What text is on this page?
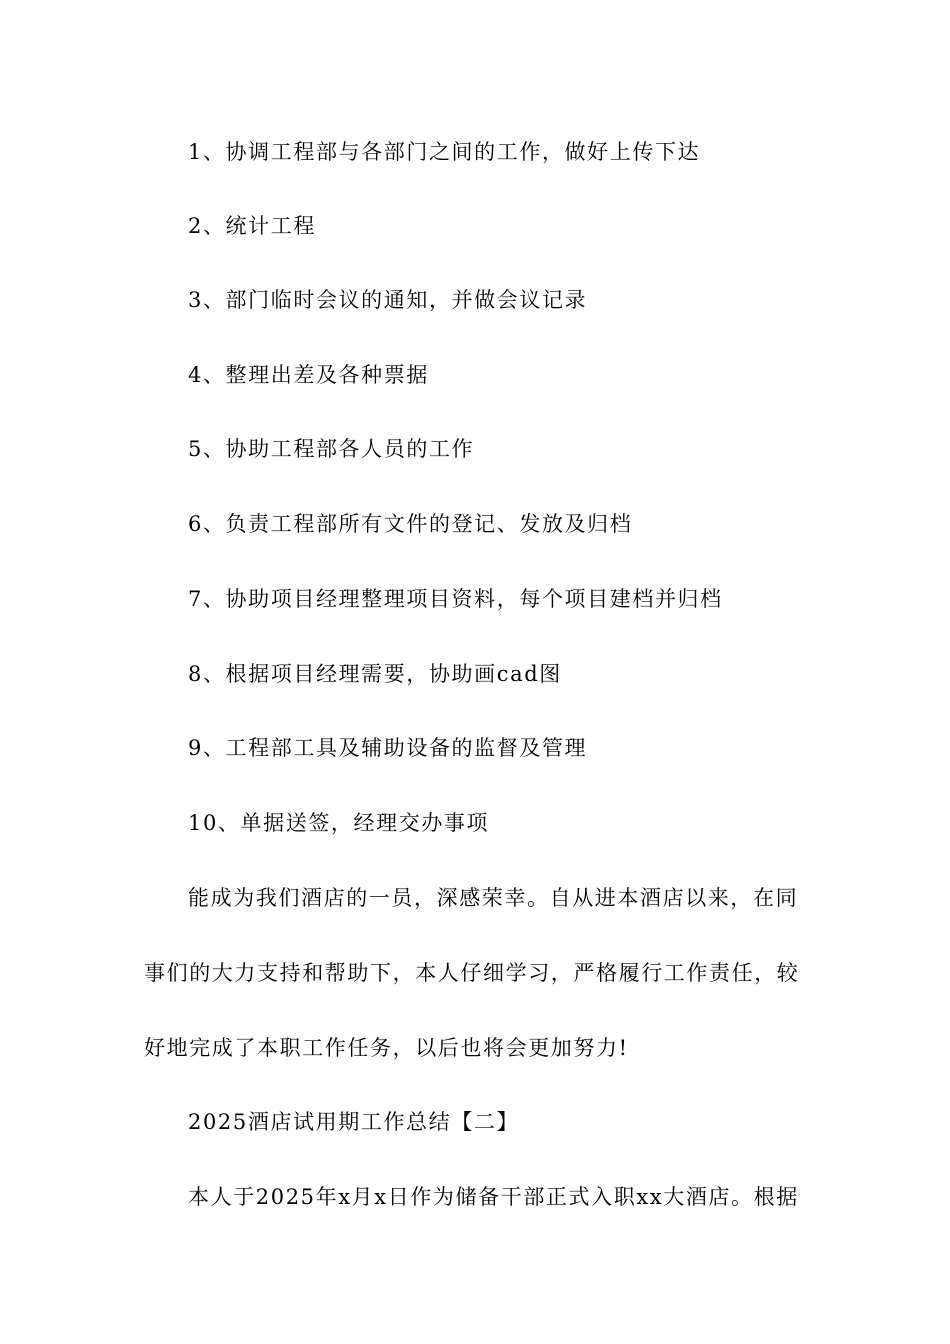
1、协调工程部与各部门之间的工作，做好上传下达
2、统计工程
3、部门临时会议的通知，并做会议记录
4、整理出差及各种票据
5、协助工程部各人员的工作
6、负责工程部所有文件的登记、发放及归档
7、协助项目经理整理项目资料，每个项目建档并归档
8、根据项目经理需要，协助画cad图
9、工程部工具及辅助设备的监督及管理
10、单据送签，经理交办事项
能成为我们酒店的一员，深感荣幸。自从进本酒店以来，在同
事们的大力支持和帮助下，本人仔细学习，严格履行工作责任，较
好地完成了本职工作任务，以后也将会更加努力!
2025酒店试用期工作总结【二】
本人于2025年x月x日作为储备干部正式入职xx大酒店。根据
